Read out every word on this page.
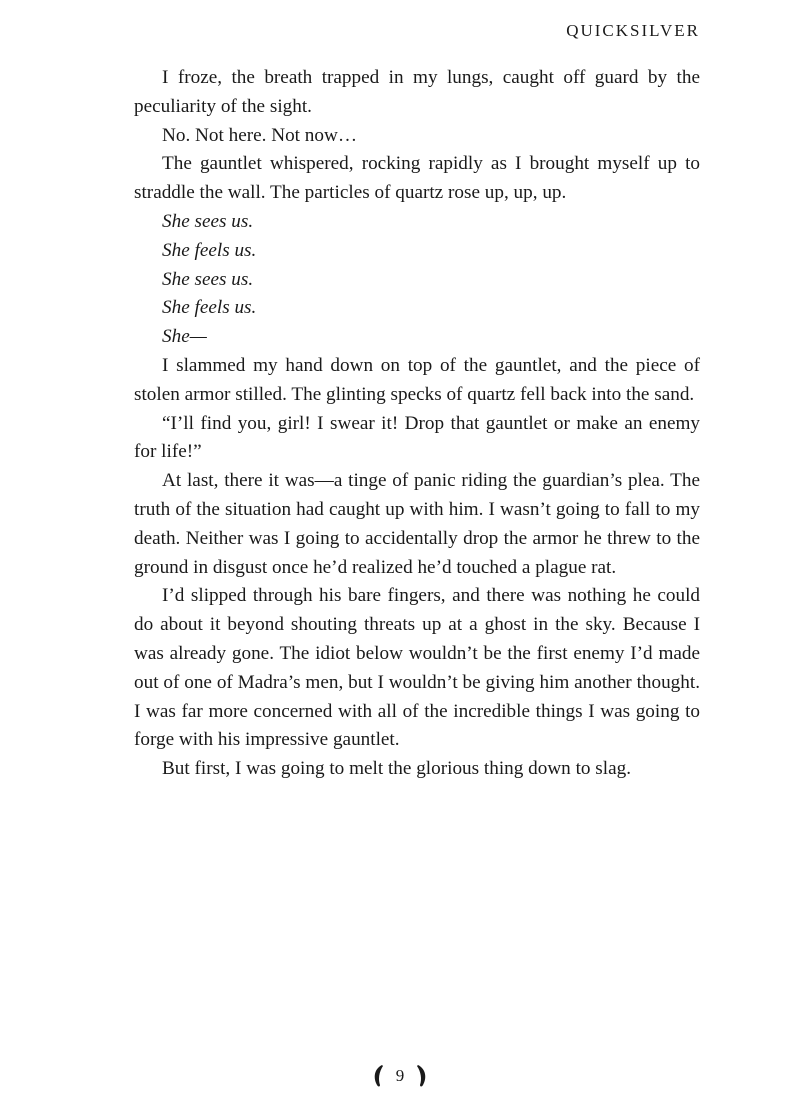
QUICKSILVER

I froze, the breath trapped in my lungs, caught off guard by the peculiarity of the sight.

No. Not here. Not now…

The gauntlet whispered, rocking rapidly as I brought myself up to straddle the wall. The particles of quartz rose up, up, up.

She sees us.

She feels us.

She sees us.

She feels us.

She—

I slammed my hand down on top of the gauntlet, and the piece of stolen armor stilled. The glinting specks of quartz fell back into the sand.

“I’ll find you, girl! I swear it! Drop that gauntlet or make an enemy for life!”

At last, there it was—a tinge of panic riding the guardian’s plea. The truth of the situation had caught up with him. I wasn’t going to fall to my death. Neither was I going to accidentally drop the armor he threw to the ground in disgust once he’d realized he’d touched a plague rat.

I’d slipped through his bare fingers, and there was nothing he could do about it beyond shouting threats up at a ghost in the sky. Because I was already gone. The idiot below wouldn’t be the first enemy I’d made out of one of Madra’s men, but I wouldn’t be giving him another thought. I was far more concerned with all of the incredible things I was going to forge with his impressive gauntlet.

But first, I was going to melt the glorious thing down to slag.

9
